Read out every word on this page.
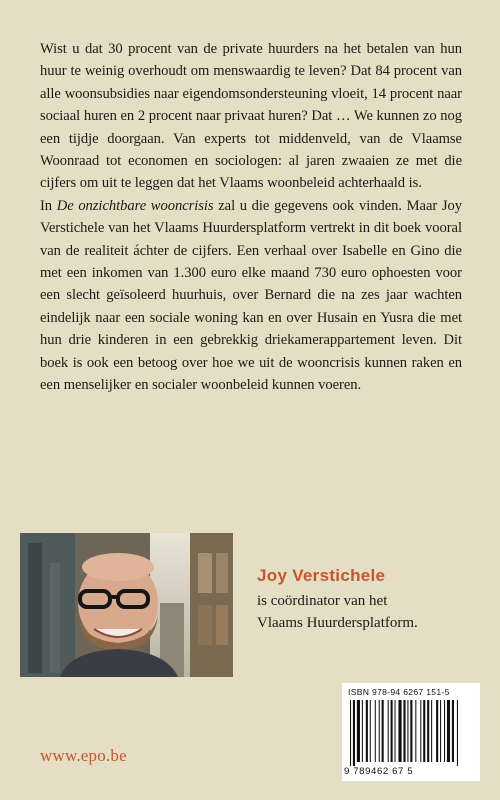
Wist u dat 30 procent van de private huurders na het betalen van hun huur te weinig overhoudt om menswaardig te leven? Dat 84 procent van alle woonsubsidies naar eigendomsondersteuning vloeit, 14 procent naar sociaal huren en 2 procent naar privaat huren? Dat … We kunnen zo nog een tijdje doorgaan. Van experts tot middenveld, van de Vlaamse Woonraad tot economen en sociologen: al jaren zwaaien ze met die cijfers om uit te leggen dat het Vlaams woonbeleid achterhaald is.

In De onzichtbare wooncrisis zal u die gegevens ook vinden. Maar Joy Verstichele van het Vlaams Huurdersplatform vertrekt in dit boek vooral van de realiteit áchter de cijfers. Een verhaal over Isabelle en Gino die met een inkomen van 1.300 euro elke maand 730 euro ophoesten voor een slecht geïsoleerd huurhuis, over Bernard die na zes jaar wachten eindelijk naar een sociale woning kan en over Husain en Yusra die met hun drie kinderen in een gebrekkig driekamerappartement leven. Dit boek is ook een betoog over hoe we uit de wooncrisis kunnen raken en een menselijker en socialer woonbeleid kunnen voeren.

Joy Verstichele
is coördinator van het
Vlaams Huurdersplatform.
ISBN 978-94 6267 151-5
9 789462 67 5
www.epo.be
